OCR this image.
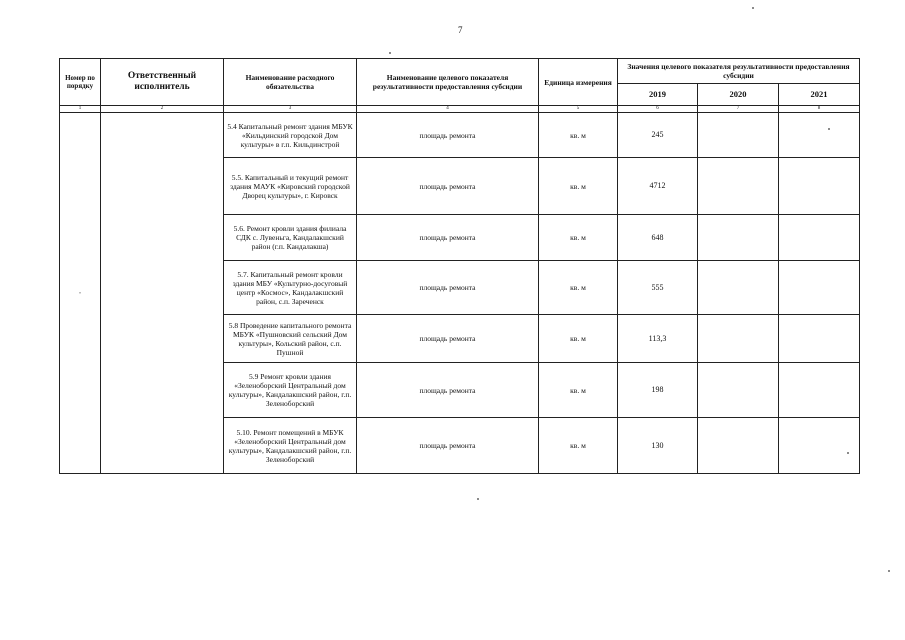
7
Номер по порядку	Ответственный исполнитель	Наименование расходного обязательства	Наименование целевого показателя результативности предоставления субсидии	Единица измерения	Значения целевого показателя результативности предоставления субсидии		
					2019	2020	2021
1	2	3	4	5	6	7	8
'		5.4 Капитальный ремонт здания МБУК «Кильдинский городской Дом культуры» в г.п. Кильдинстрой	площадь ремонта	кв. м	245		
		5.5. Капитальный и текущий ремонт здания МАУК «Кировский городской Дворец культуры», г. Кировск	площадь ремонта	кв. м	4712		
		5.6. Ремонт кровли здания филиала СДК с. Лувеньга, Кандалакшский район (г.п. Кандалакша)	площадь ремонта	кв. м	648		
		5.7. Капитальный ремонт кровли здания МБУ «Культурно-досуговый центр «Космос», Кандалакшский район, с.п. Зареченск	площадь ремонта	кв. м	555		
		5.8 Проведение капитального ремонта МБУК «Пушновский сельский Дом культуры», Кольский район, с.п. Пушной	площадь ремонта	кв. м	113,3		
		5.9 Ремонт кровли здания «Зеленоборский Центральный дом культуры», Кандалакшский район, г.п. Зеленоборский	площадь ремонта	кв. м	198		
		5.10. Ремонт помещений в МБУК «Зеленоборский Центральный дом культуры», Кандалакшский район, г.п. Зеленоборский	площадь ремонта	кв. м	130		
